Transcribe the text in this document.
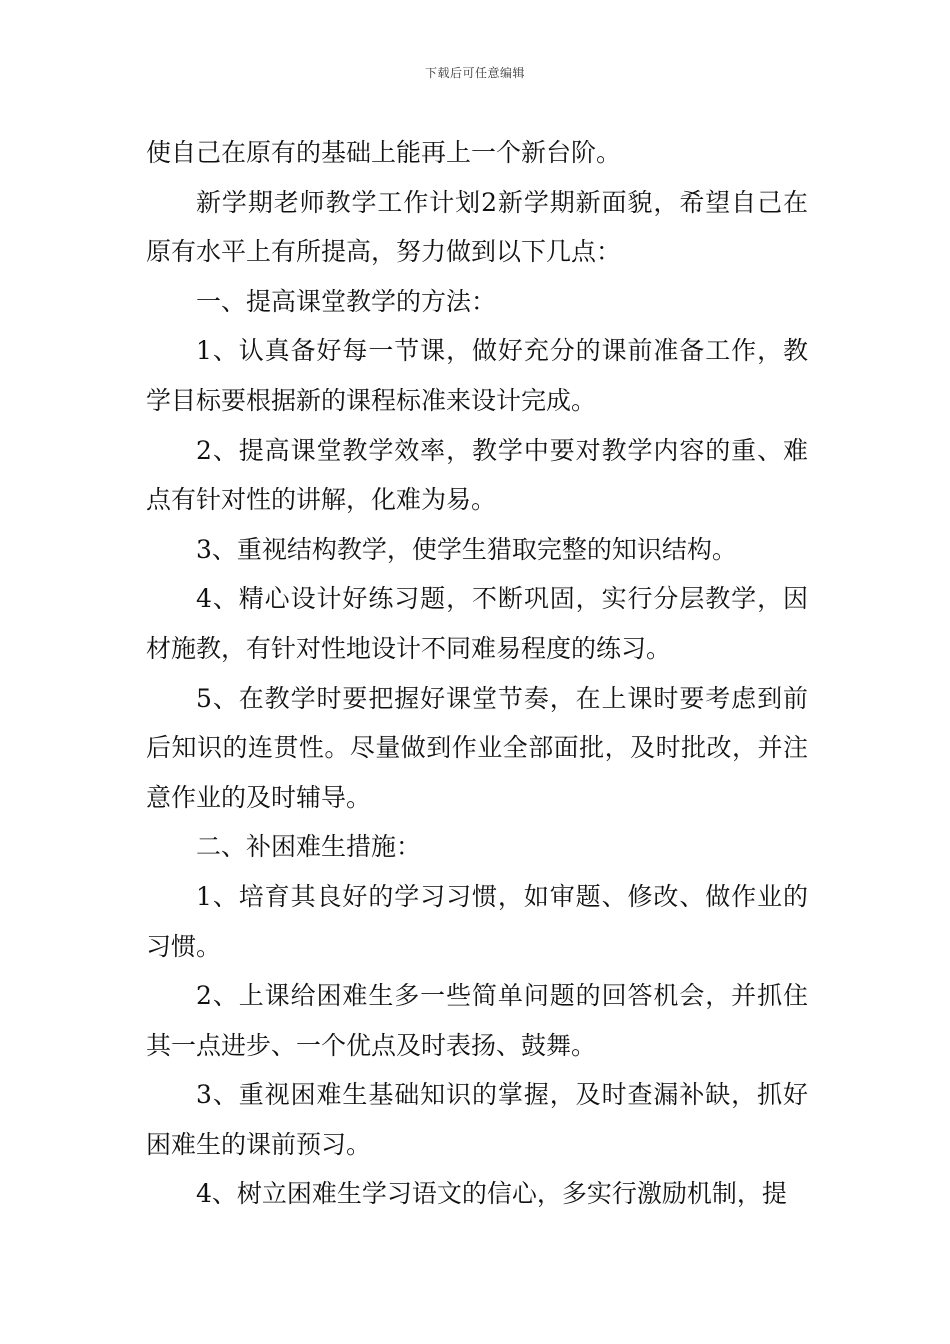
下载后可任意编辑

使自己在原有的基础上能再上一个新台阶。

新学期老师教学工作计划2新学期新面貌，希望自己在原有水平上有所提高，努力做到以下几点：

一、提高课堂教学的方法：

1、认真备好每一节课，做好充分的课前准备工作，教学目标要根据新的课程标准来设计完成。

2、提高课堂教学效率，教学中要对教学内容的重、难点有针对性的讲解，化难为易。

3、重视结构教学，使学生猎取完整的知识结构。

4、精心设计好练习题，不断巩固，实行分层教学，因材施教，有针对性地设计不同难易程度的练习。

5、在教学时要把握好课堂节奏，在上课时要考虑到前后知识的连贯性。尽量做到作业全部面批，及时批改，并注意作业的及时辅导。

二、补困难生措施：

1、培育其良好的学习习惯，如审题、修改、做作业的习惯。

2、上课给困难生多一些简单问题的回答机会，并抓住其一点进步、一个优点及时表扬、鼓舞。

3、重视困难生基础知识的掌握，及时查漏补缺，抓好困难生的课前预习。

4、树立困难生学习语文的信心，多实行激励机制，提
